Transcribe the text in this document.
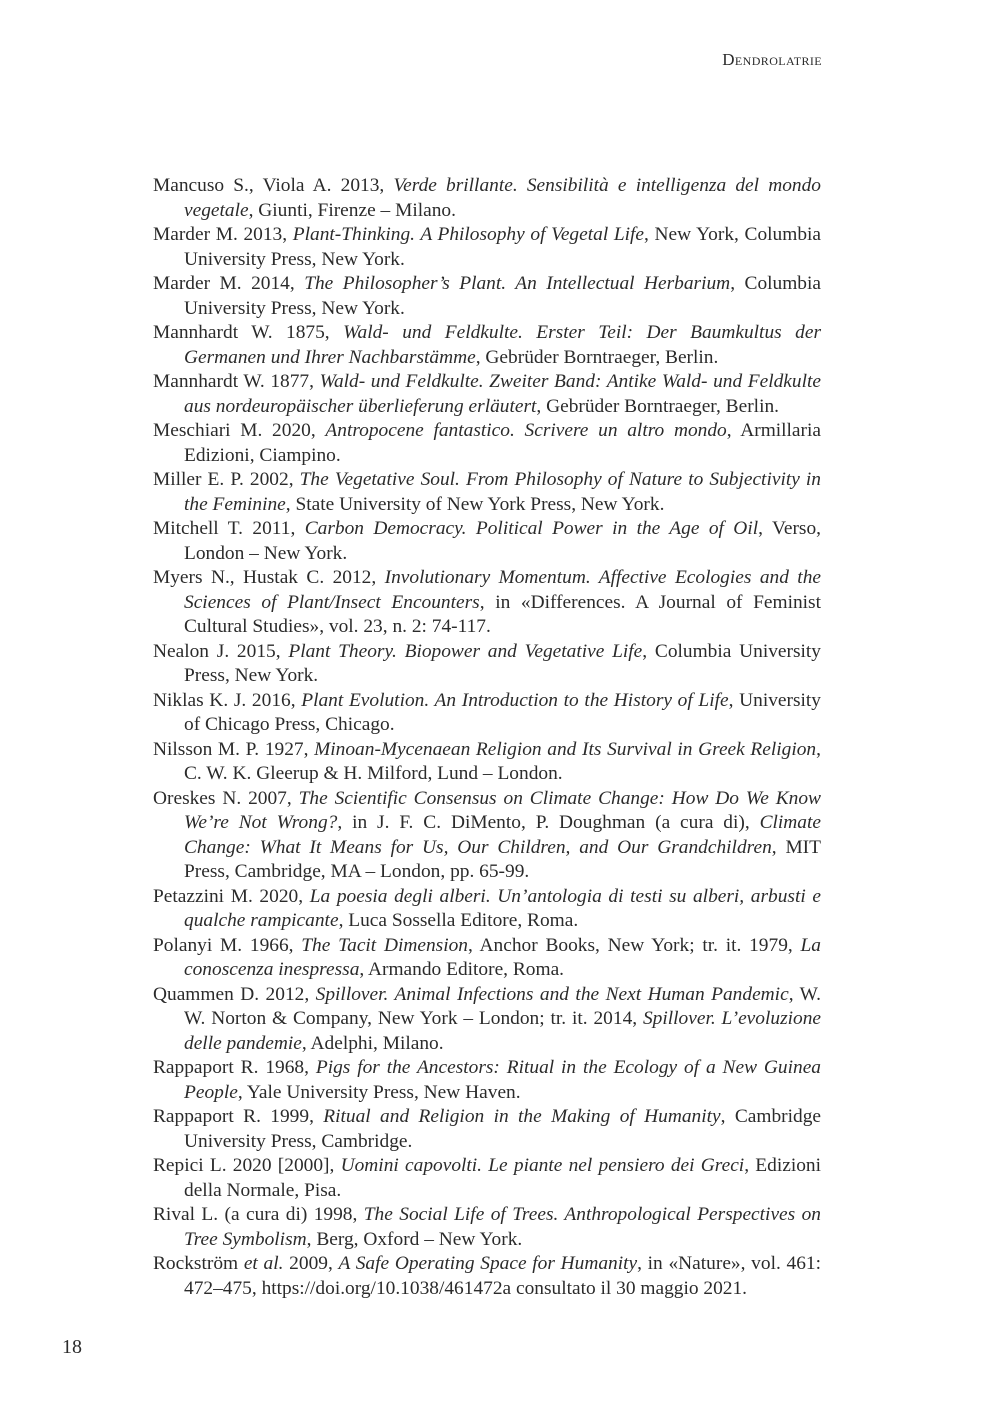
Dendrolatrie

Mancuso S., Viola A. 2013, Verde brillante. Sensibilità e intelligenza del mondo vegetale, Giunti, Firenze – Milano.

Marder M. 2013, Plant-Thinking. A Philosophy of Vegetal Life, New York, Columbia University Press, New York.

Marder M. 2014, The Philosopher’s Plant. An Intellectual Herbarium, Columbia University Press, New York.

Mannhardt W. 1875, Wald- und Feldkulte. Erster Teil: Der Baumkultus der Germanen und Ihrer Nachbarstämme, Gebrüder Borntraeger, Berlin.

Mannhardt W. 1877, Wald- und Feldkulte. Zweiter Band: Antike Wald- und Feldkulte aus nordeuropäischer überlieferung erläutert, Gebrüder Borntraeger, Berlin.

Meschiari M. 2020, Antropocene fantastico. Scrivere un altro mondo, Armillaria Edizioni, Ciampino.

Miller E. P. 2002, The Vegetative Soul. From Philosophy of Nature to Subjectivity in the Feminine, State University of New York Press, New York.

Mitchell T. 2011, Carbon Democracy. Political Power in the Age of Oil, Verso, London – New York.

Myers N., Hustak C. 2012, Involutionary Momentum. Affective Ecologies and the Sciences of Plant/Insect Encounters, in «Differences. A Journal of Feminist Cultural Studies», vol. 23, n. 2: 74-117.

Nealon J. 2015, Plant Theory. Biopower and Vegetative Life, Columbia University Press, New York.

Niklas K. J. 2016, Plant Evolution. An Introduction to the History of Life, University of Chicago Press, Chicago.

Nilsson M. P. 1927, Minoan-Mycenaean Religion and Its Survival in Greek Religion, C. W. K. Gleerup & H. Milford, Lund – London.

Oreskes N. 2007, The Scientific Consensus on Climate Change: How Do We Know We’re Not Wrong?, in J. F. C. DiMento, P. Doughman (a cura di), Climate Change: What It Means for Us, Our Children, and Our Grandchildren, MIT Press, Cambridge, MA – London, pp. 65-99.

Petazzini M. 2020, La poesia degli alberi. Un’antologia di testi su alberi, arbusti e qualche rampicante, Luca Sossella Editore, Roma.

Polanyi M. 1966, The Tacit Dimension, Anchor Books, New York; tr. it. 1979, La conoscenza inespressa, Armando Editore, Roma.

Quammen D. 2012, Spillover. Animal Infections and the Next Human Pandemic, W. W. Norton & Company, New York – London; tr. it. 2014, Spillover. L’evoluzione delle pandemie, Adelphi, Milano.

Rappaport R. 1968, Pigs for the Ancestors: Ritual in the Ecology of a New Guinea People, Yale University Press, New Haven.

Rappaport R. 1999, Ritual and Religion in the Making of Humanity, Cambridge University Press, Cambridge.

Repici L. 2020 [2000], Uomini capovolti. Le piante nel pensiero dei Greci, Edizioni della Normale, Pisa.

Rival L. (a cura di) 1998, The Social Life of Trees. Anthropological Perspectives on Tree Symbolism, Berg, Oxford – New York.

Rockström et al. 2009, A Safe Operating Space for Humanity, in «Nature», vol. 461: 472–475, https://doi.org/10.1038/461472a consultato il 30 maggio 2021.

18
